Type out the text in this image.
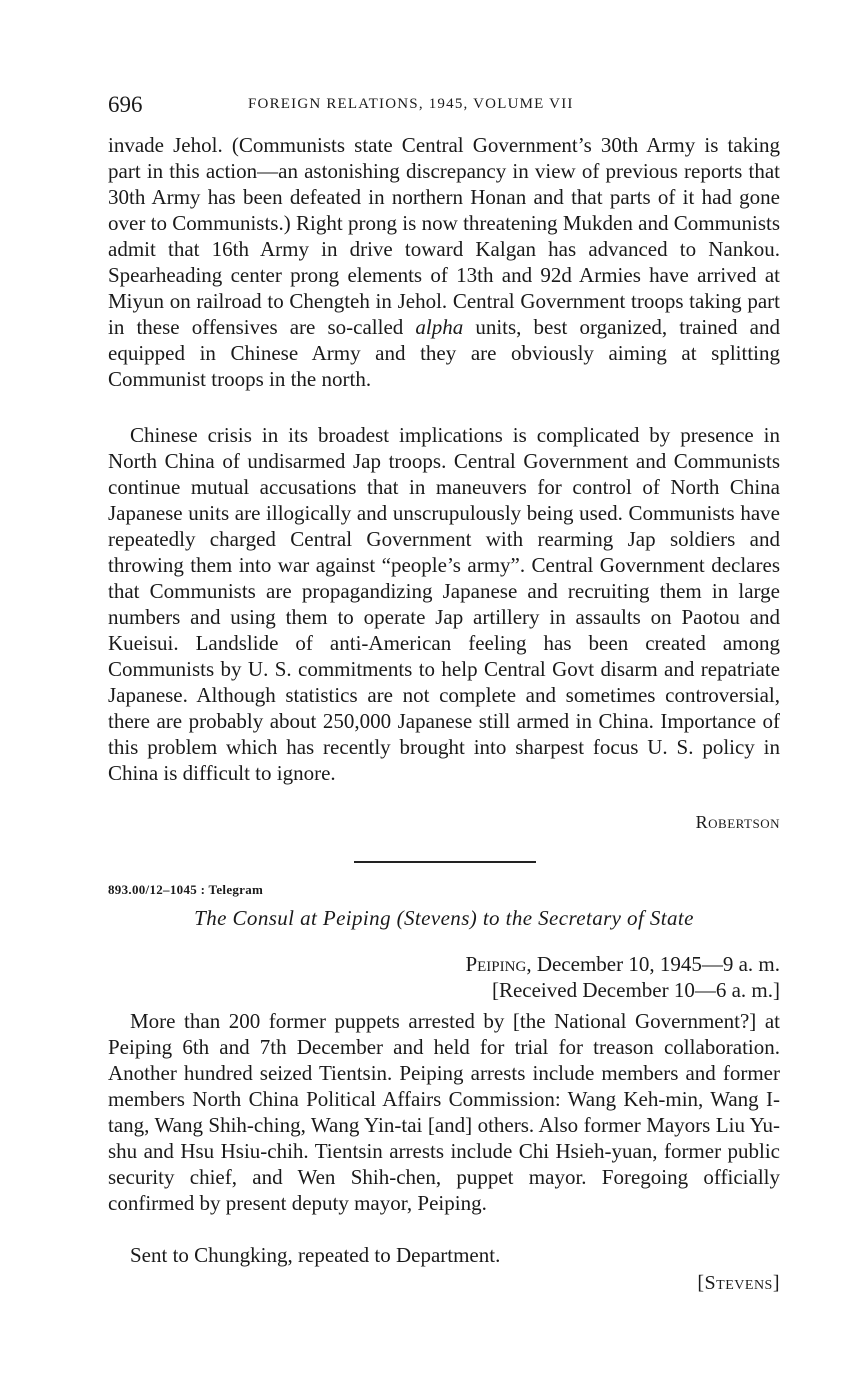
696	FOREIGN RELATIONS, 1945, VOLUME VII
invade Jehol. (Communists state Central Government’s 30th Army is taking part in this action—an astonishing discrepancy in view of previous reports that 30th Army has been defeated in northern Honan and that parts of it had gone over to Communists.) Right prong is now threatening Mukden and Communists admit that 16th Army in drive toward Kalgan has advanced to Nankou. Spearheading center prong elements of 13th and 92d Armies have arrived at Miyun on railroad to Chengteh in Jehol. Central Government troops taking part in these offensives are so-called alpha units, best organized, trained and equipped in Chinese Army and they are obviously aiming at splitting Communist troops in the north.
Chinese crisis in its broadest implications is complicated by presence in North China of undisarmed Jap troops. Central Government and Communists continue mutual accusations that in maneuvers for control of North China Japanese units are illogically and unscrupulously being used. Communists have repeatedly charged Central Government with rearming Jap soldiers and throwing them into war against “people’s army”. Central Government declares that Communists are propagandizing Japanese and recruiting them in large numbers and using them to operate Jap artillery in assaults on Paotou and Kueisui. Landslide of anti-American feeling has been created among Communists by U. S. commitments to help Central Govt disarm and repatriate Japanese. Although statistics are not complete and sometimes controversial, there are probably about 250,000 Japanese still armed in China. Importance of this problem which has recently brought into sharpest focus U. S. policy in China is difficult to ignore.
Robertson
893.00/12–1045 : Telegram
The Consul at Peiping (Stevens) to the Secretary of State
Peiping, December 10, 1945—9 a. m.
[Received December 10—6 a. m.]
More than 200 former puppets arrested by [the National Government?] at Peiping 6th and 7th December and held for trial for treason collaboration. Another hundred seized Tientsin. Peiping arrests include members and former members North China Political Affairs Commission: Wang Keh-min, Wang I-tang, Wang Shih-ching, Wang Yin-tai [and] others. Also former Mayors Liu Yu-shu and Hsu Hsiu-chih. Tientsin arrests include Chi Hsieh-yuan, former public security chief, and Wen Shih-chen, puppet mayor. Foregoing officially confirmed by present deputy mayor, Peiping.
Sent to Chungking, repeated to Department.
[Stevens]
